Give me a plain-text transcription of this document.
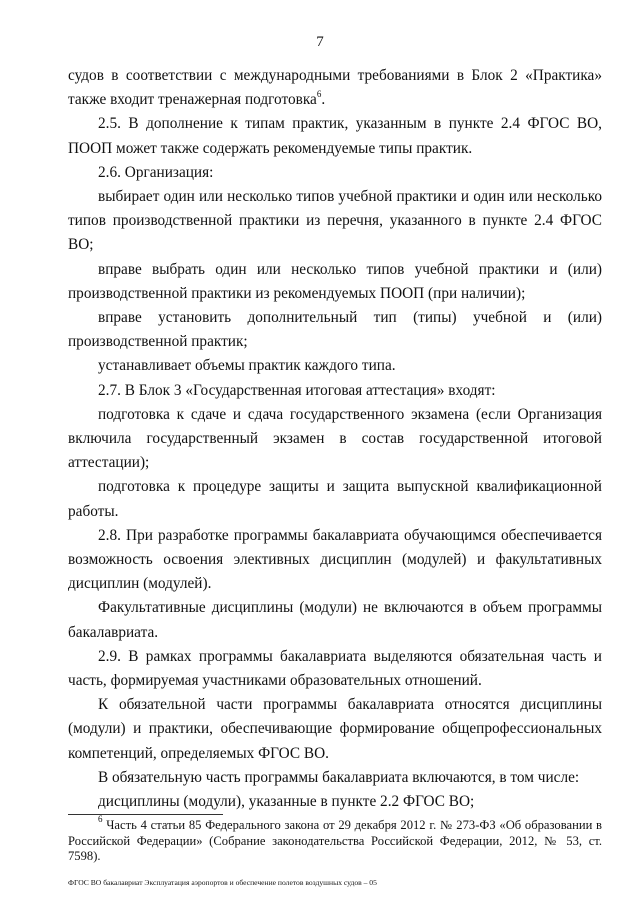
7

судов в соответствии с международными требованиями в Блок 2 «Практика» также входит тренажерная подготовка$^6$.

2.5. В дополнение к типам практик, указанным в пункте 2.4 ФГОС ВО, ПООП может также содержать рекомендуемые типы практик.

2.6. Организация:

выбирает один или несколько типов учебной практики и один или несколько типов производственной практики из перечня, указанного в пункте 2.4 ФГОС ВО;

вправе выбрать один или несколько типов учебной практики и (или) производственной практики из рекомендуемых ПООП (при наличии);

вправе установить дополнительный тип (типы) учебной и (или) производственной практик;

устанавливает объемы практик каждого типа.

2.7. В Блок 3 «Государственная итоговая аттестация» входят:

подготовка к сдаче и сдача государственного экзамена (если Организация включила государственный экзамен в состав государственной итоговой аттестации);

подготовка к процедуре защиты и защита выпускной квалификационной работы.

2.8. При разработке программы бакалавриата обучающимся обеспечивается возможность освоения элективных дисциплин (модулей) и факультативных дисциплин (модулей).

Факультативные дисциплины (модули) не включаются в объем программы бакалавриата.

2.9. В рамках программы бакалавриата выделяются обязательная часть и часть, формируемая участниками образовательных отношений.

К обязательной части программы бакалавриата относятся дисциплины (модули) и практики, обеспечивающие формирование общепрофессиональных компетенций, определяемых ФГОС ВО.

В обязательную часть программы бакалавриата включаются, в том числе:

дисциплины (модули), указанные в пункте 2.2 ФГОС ВО;

$^6$ Часть 4 статьи 85 Федерального закона от 29 декабря 2012 г. № 273-ФЗ «Об образовании в Российской Федерации» (Собрание законодательства Российской Федерации, 2012, № 53, ст. 7598).
ФГОС ВО бакалавриат Эксплуатация аэропортов и обеспечение полетов воздушных судов – 05
